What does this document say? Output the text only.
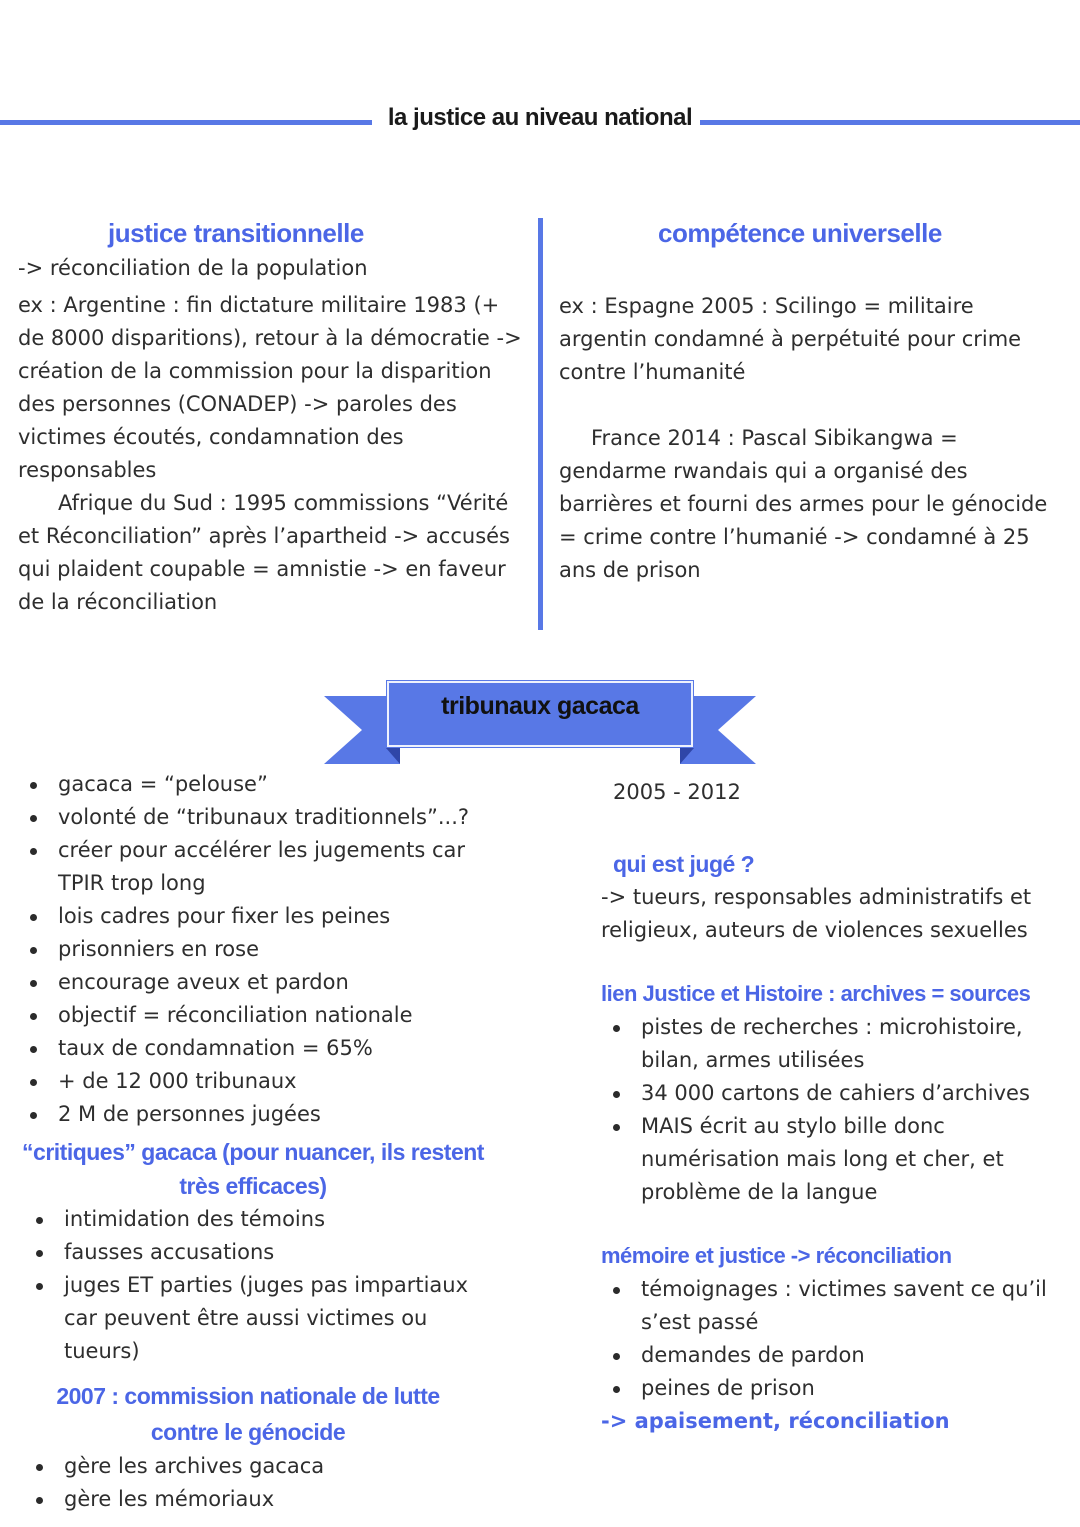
la justice au niveau national
justice transitionnelle

-> réconciliation de la population

ex : Argentine : fin dictature militaire 1983 (+ de 8000 disparitions), retour à la démocratie -> création de la commission pour la disparition des personnes (CONADEP) -> paroles des victimes écoutés, condamnation des responsables

Afrique du Sud : 1995 commissions “Vérité et Réconciliation” après l’apartheid -> accusés qui plaident coupable = amnistie -> en faveur de la réconciliation

compétence universelle

ex : Espagne 2005 : Scilingo = militaire argentin condamné à perpétuité pour crime contre l’humanité

France 2014 : Pascal Sibikangwa = gendarme rwandais qui a organisé des barrières et fourni des armes pour le génocide = crime contre l’humanié -> condamné à 25 ans de prison

tribunaux gacaca
gacaca = “pelouse”
volonté de “tribunaux traditionnels”...?
créer pour accélérer les jugements car TPIR trop long
lois cadres pour fixer les peines
prisonniers en rose
encourage aveux et pardon
objectif = réconciliation nationale
taux de condamnation = 65%
+ de 12 000 tribunaux
2 M de personnes jugées
“critiques” gacaca (pour nuancer, ils restent très efficaces)
intimidation des témoins
fausses accusations
juges ET parties (juges pas impartiaux car peuvent être aussi victimes ou tueurs)
2007 : commission nationale de lutte contre le génocide
gère les archives gacaca
gère les mémoriaux
2005 - 2012
qui est jugé ?

-> tueurs, responsables administratifs et religieux, auteurs de violences sexuelles

lien Justice et Histoire : archives = sources
pistes de recherches : microhistoire, bilan, armes utilisées
34 000 cartons de cahiers d’archives
MAIS écrit au stylo bille donc numérisation mais long et cher, et problème de la langue
mémoire et justice -> réconciliation
témoignages : victimes savent ce qu’il s’est passé
demandes de pardon
peines de prison
-> apaisement, réconciliation
